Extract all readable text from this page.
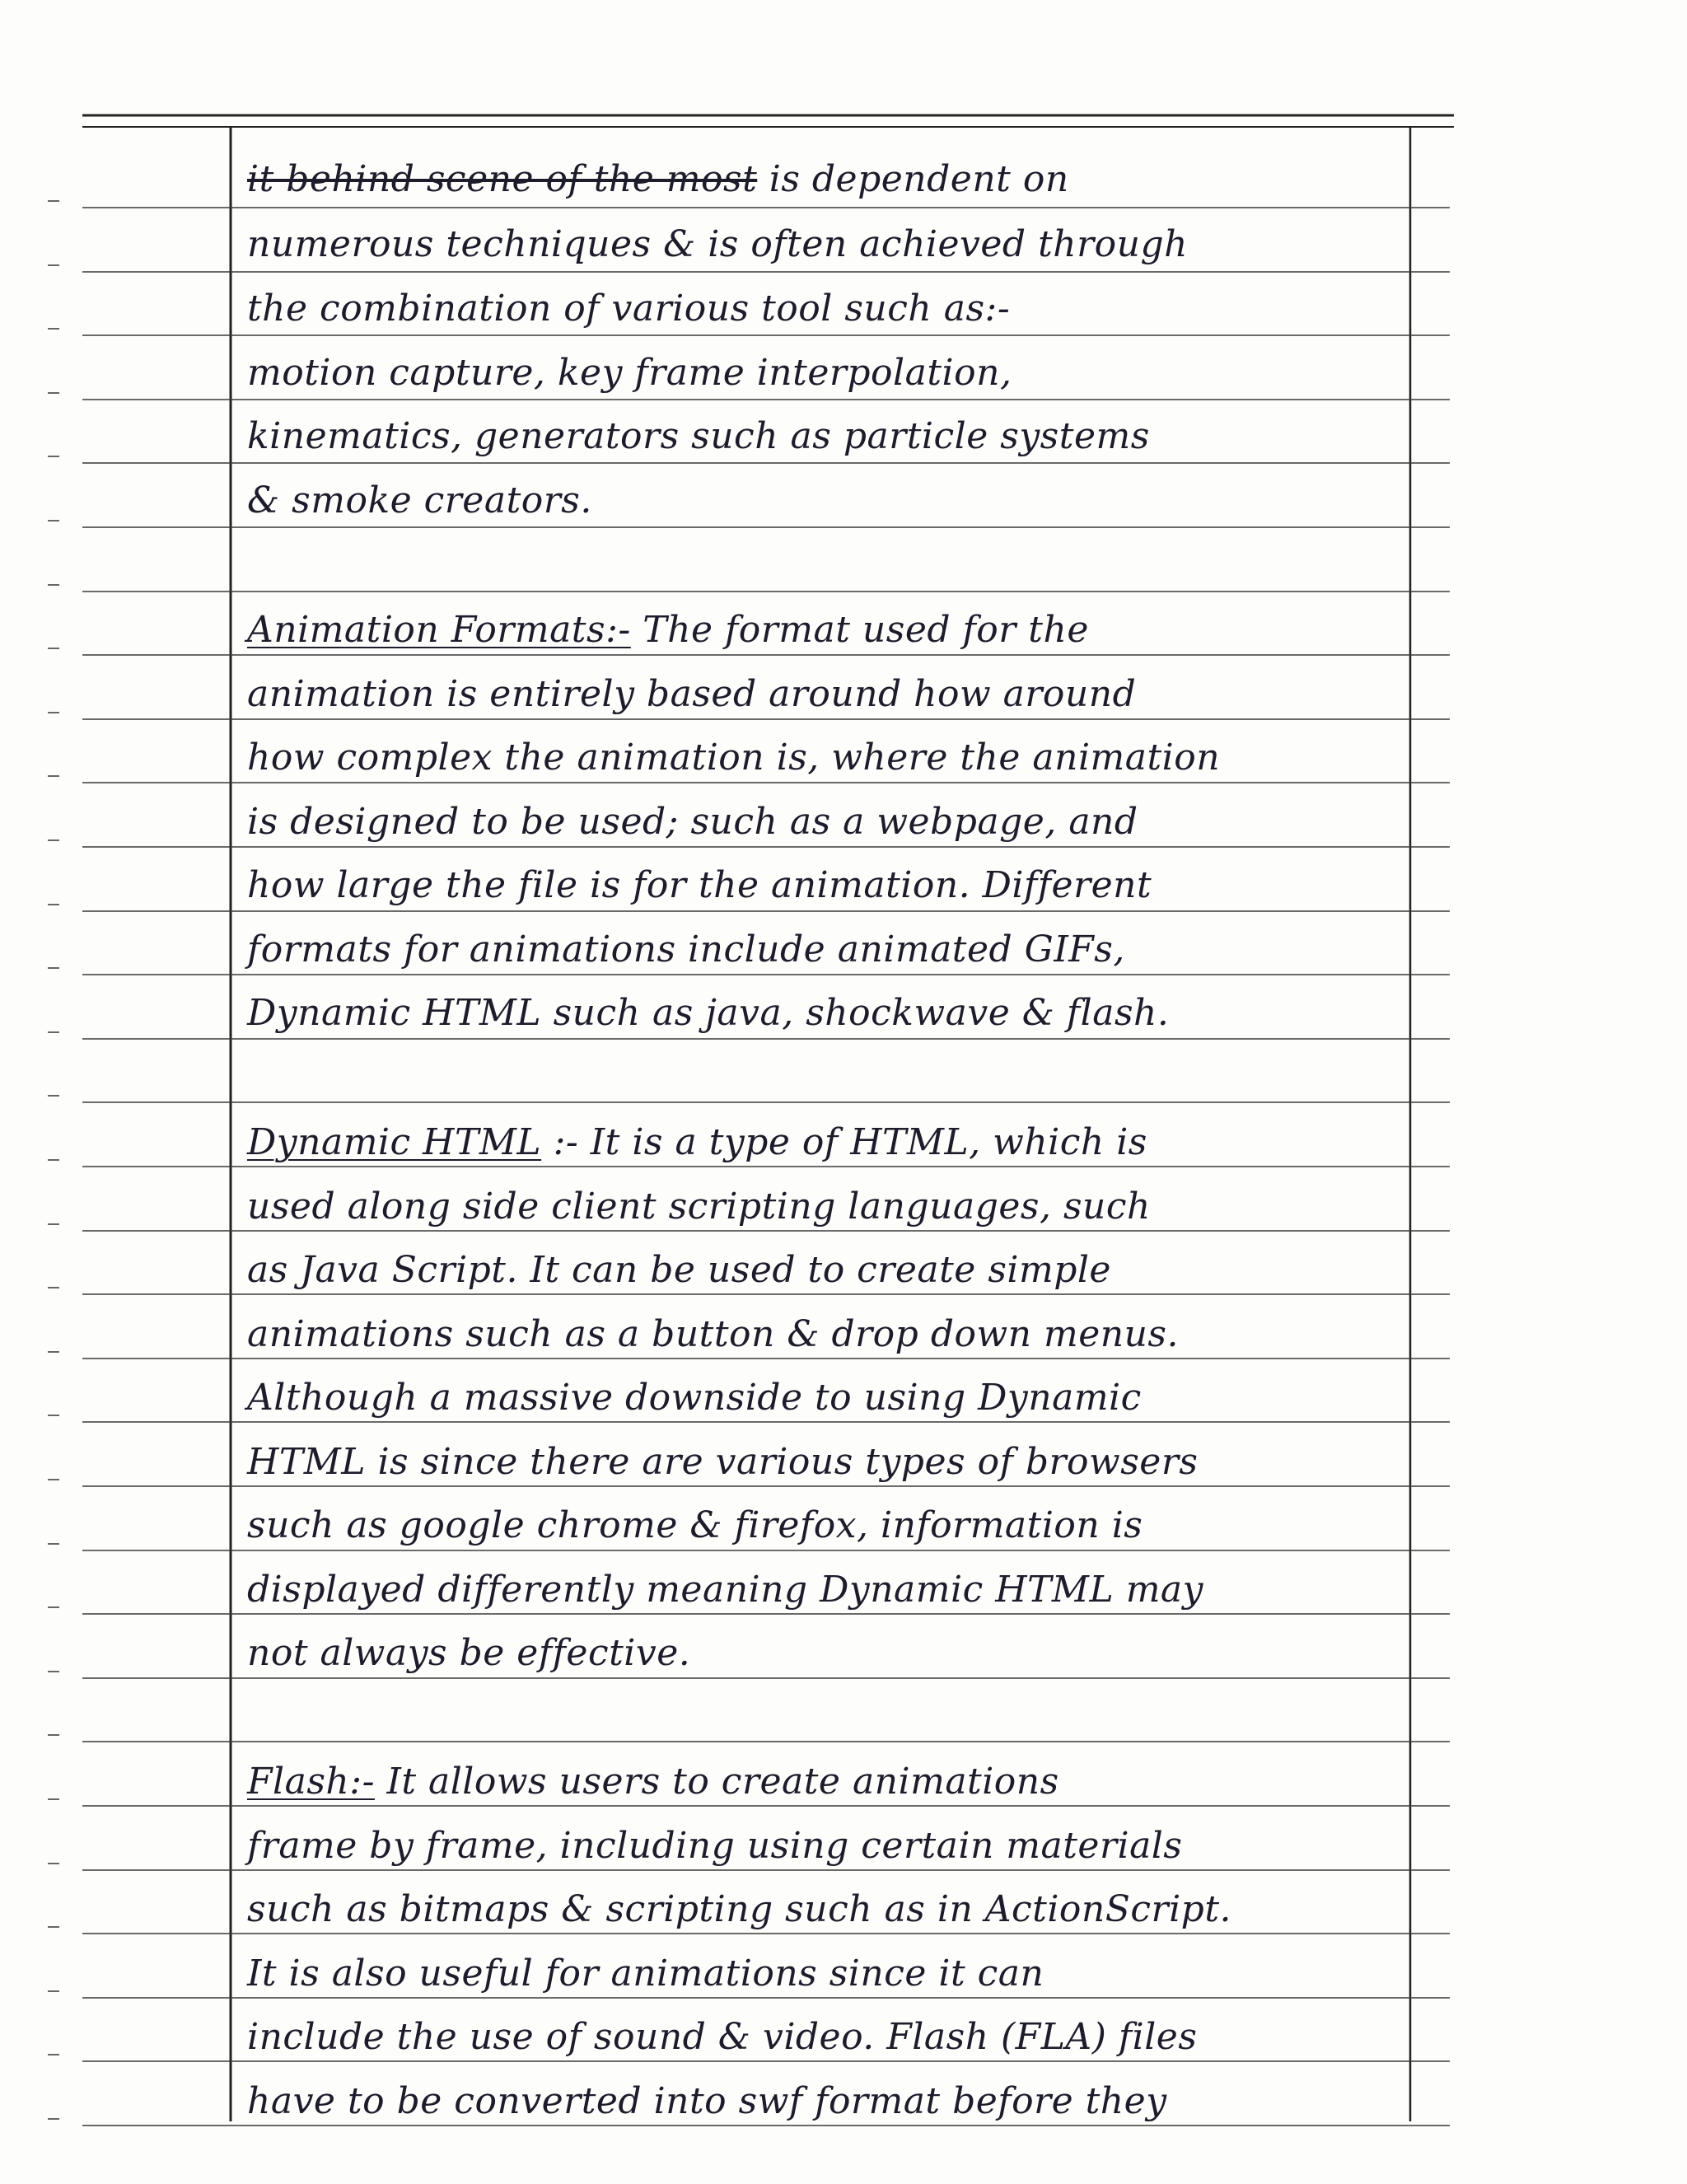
it behind scene of the most is dependent on
numerous techniques & is often achieved through
the combination of various tool such as:-
motion capture, key frame interpolation,
kinematics, generators such as particle systems
& smoke creators.
Animation Formats:- The format used for the
animation is entirely based around how around
how complex the animation is, where the animation
is designed to be used; such as a webpage, and
how large the file is for the animation. Different
formats for animations include animated GIFs,
Dynamic HTML such as java, shockwave & flash.
Dynamic HTML :- It is a type of HTML, which is
used along side client scripting languages, such
as Java Script. It can be used to create simple
animations such as a button & drop down menus.
Although a massive downside to using Dynamic
HTML is since there are various types of browsers
such as google chrome & firefox, information is
displayed differently meaning Dynamic HTML may
not always be effective.
Flash:- It allows users to create animations
frame by frame, including using certain materials
such as bitmaps & scripting such as in ActionScript.
It is also useful for animations since it can
include the use of sound & video. Flash (FLA) files
have to be converted into swf format before they
